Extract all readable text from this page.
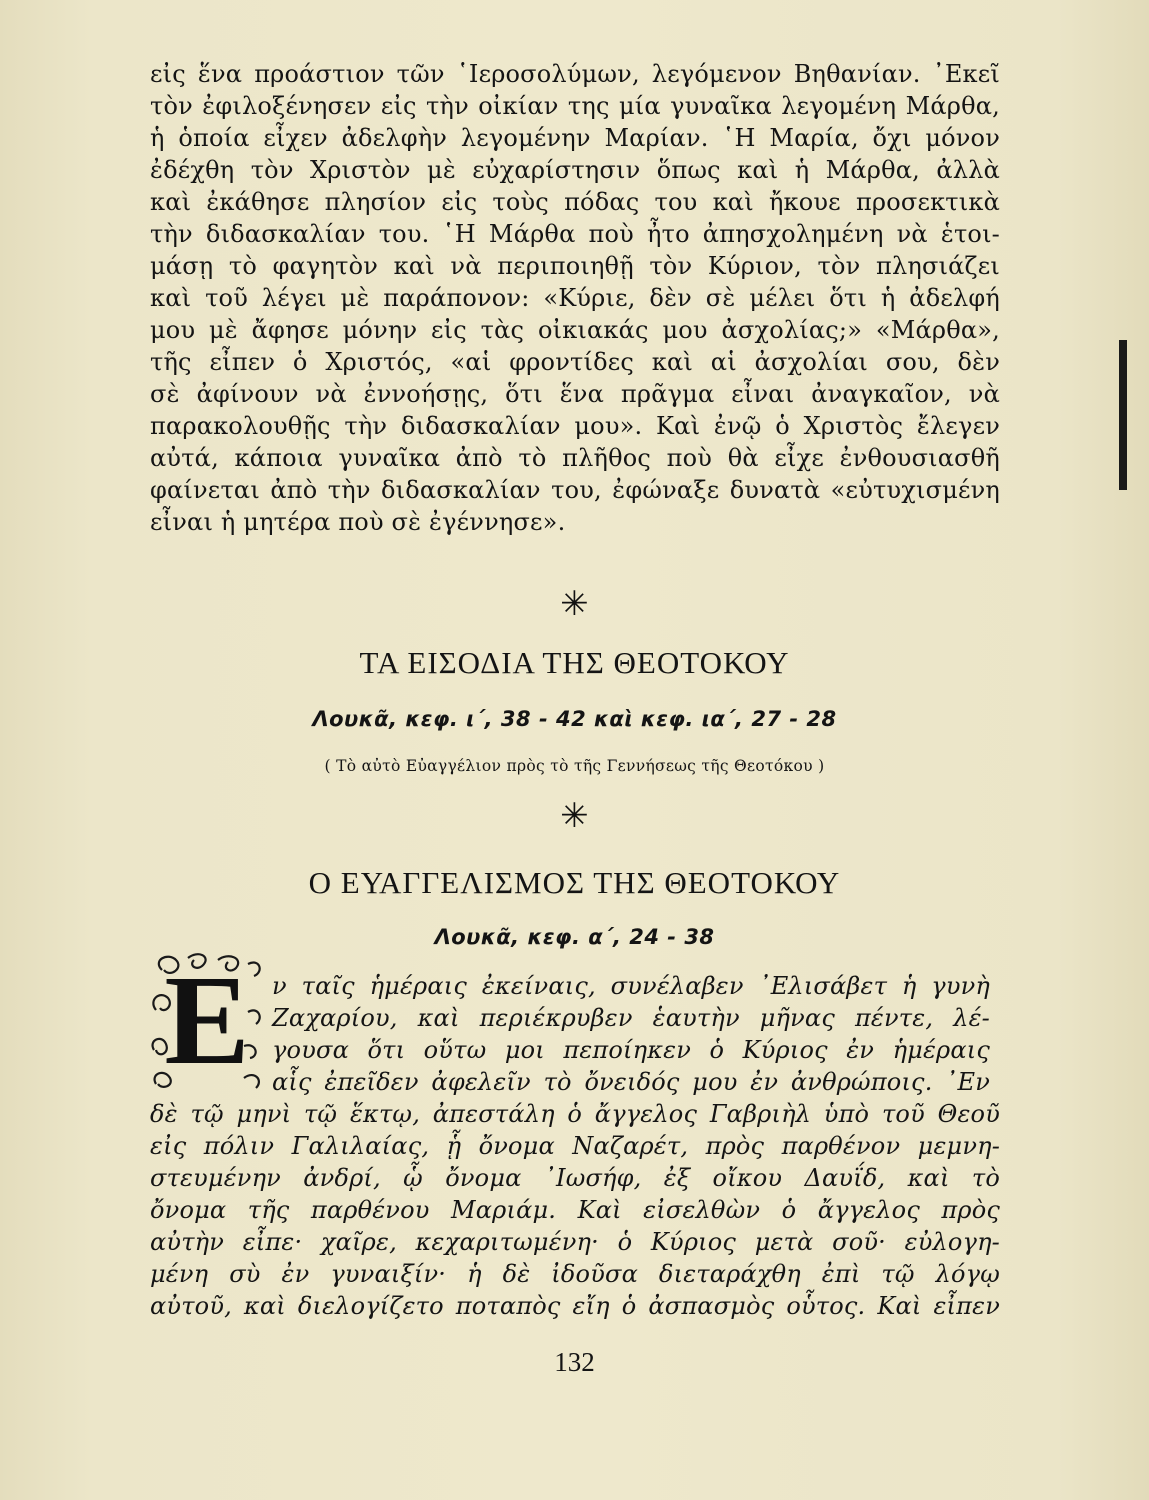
εἰς ἕνα προάστιον τῶν ῾Ιεροσολύμων, λεγόμενον Βηθανίαν. ᾿Εκεῖ
τὸν ἐφιλοξένησεν εἰς τὴν οἰκίαν της μία γυναῖκα λεγομένη Μάρθα,
ἡ ὁποία εἶχεν ἀδελφὴν λεγομένην Μαρίαν. ῾Η Μαρία, ὄχι μόνον
ἐδέχθη τὸν Χριστὸν μὲ εὐχαρίστησιν ὅπως καὶ ἡ Μάρθα, ἀλλὰ
καὶ ἐκάθησε πλησίον εἰς τοὺς πόδας του καὶ ἤκουε προσεκτικὰ
τὴν διδασκαλίαν του. ῾Η Μάρθα ποὺ ἦτο ἀπησχολημένη νὰ ἑτοι-
μάσῃ τὸ φαγητὸν καὶ νὰ περιποιηθῇ τὸν Κύριον, τὸν πλησιάζει
καὶ τοῦ λέγει μὲ παράπονον: «Κύριε, δὲν σὲ μέλει ὅτι ἡ ἀδελφή
μου μὲ ἄφησε μόνην εἰς τὰς οἰκιακάς μου ἀσχολίας;» «Μάρθα»,
τῆς εἶπεν ὁ Χριστός, «αἱ φροντίδες καὶ αἱ ἀσχολίαι σου, δὲν
σὲ ἀφίνουν νὰ ἐννοήσῃς, ὅτι ἕνα πρᾶγμα εἶναι ἀναγκαῖον, νὰ
παρακολουθῇς τὴν διδασκαλίαν μου». Καὶ ἐνῷ ὁ Χριστὸς ἔλεγεν
αὐτά, κάποια γυναῖκα ἀπὸ τὸ πλῆθος ποὺ θὰ εἶχε ἐνθουσιασθῆ
φαίνεται ἀπὸ τὴν διδασκαλίαν του, ἐφώναξε δυνατὰ «εὐτυχισμένη
εἶναι ἡ μητέρα ποὺ σὲ ἐγέννησε».
✳
ΤΑ ΕΙΣΟΔΙΑ ΤΗΣ ΘΕΟΤΟΚΟΥ
Λουκᾶ, κεφ. ι΄, 38 - 42 καὶ κεφ. ια΄, 27 - 28
( Τὸ αὐτὸ Εὐαγγέλιον πρὸς τὸ τῆς Γεννήσεως τῆς Θεοτόκου )
✳
Ο ΕΥΑΓΓΕΛΙΣΜΟΣ ΤΗΣ ΘΕΟΤΟΚΟΥ
Λουκᾶ, κεφ. α΄, 24 - 38
Ε ν ταῖς ἡμέραις ἐκείναις, συνέλαβεν ᾿Ελισάβετ ἡ γυνὴ
Ζαχαρίου, καὶ περιέκρυβεν ἑαυτὴν μῆνας πέντε, λέ-
γουσα ὅτι οὕτω μοι πεποίηκεν ὁ Κύριος ἐν ἡμέραις
αἷς ἐπεῖδεν ἀφελεῖν τὸ ὄνειδός μου ἐν ἀνθρώποις. ᾿Εν
δὲ τῷ μηνὶ τῷ ἕκτῳ, ἀπεστάλη ὁ ἄγγελος Γαβριὴλ ὑπὸ τοῦ Θεοῦ
εἰς πόλιν Γαλιλαίας, ᾗ ὄνομα Ναζαρέτ, πρὸς παρθένον μεμνη-
στευμένην ἀνδρί, ᾧ ὄνομα ᾿Ιωσήφ, ἐξ οἴκου Δαυΐδ, καὶ τὸ
ὄνομα τῆς παρθένου Μαριάμ. Καὶ εἰσελθὼν ὁ ἄγγελος πρὸς
αὐτὴν εἶπε· χαῖρε, κεχαριτωμένη· ὁ Κύριος μετὰ σοῦ· εὐλογη-
μένη σὺ ἐν γυναιξίν· ἡ δὲ ἰδοῦσα διεταράχθη ἐπὶ τῷ λόγῳ
αὐτοῦ, καὶ διελογίζετο ποταπὸς εἴη ὁ ἀσπασμὸς οὗτος. Καὶ εἶπεν
132
